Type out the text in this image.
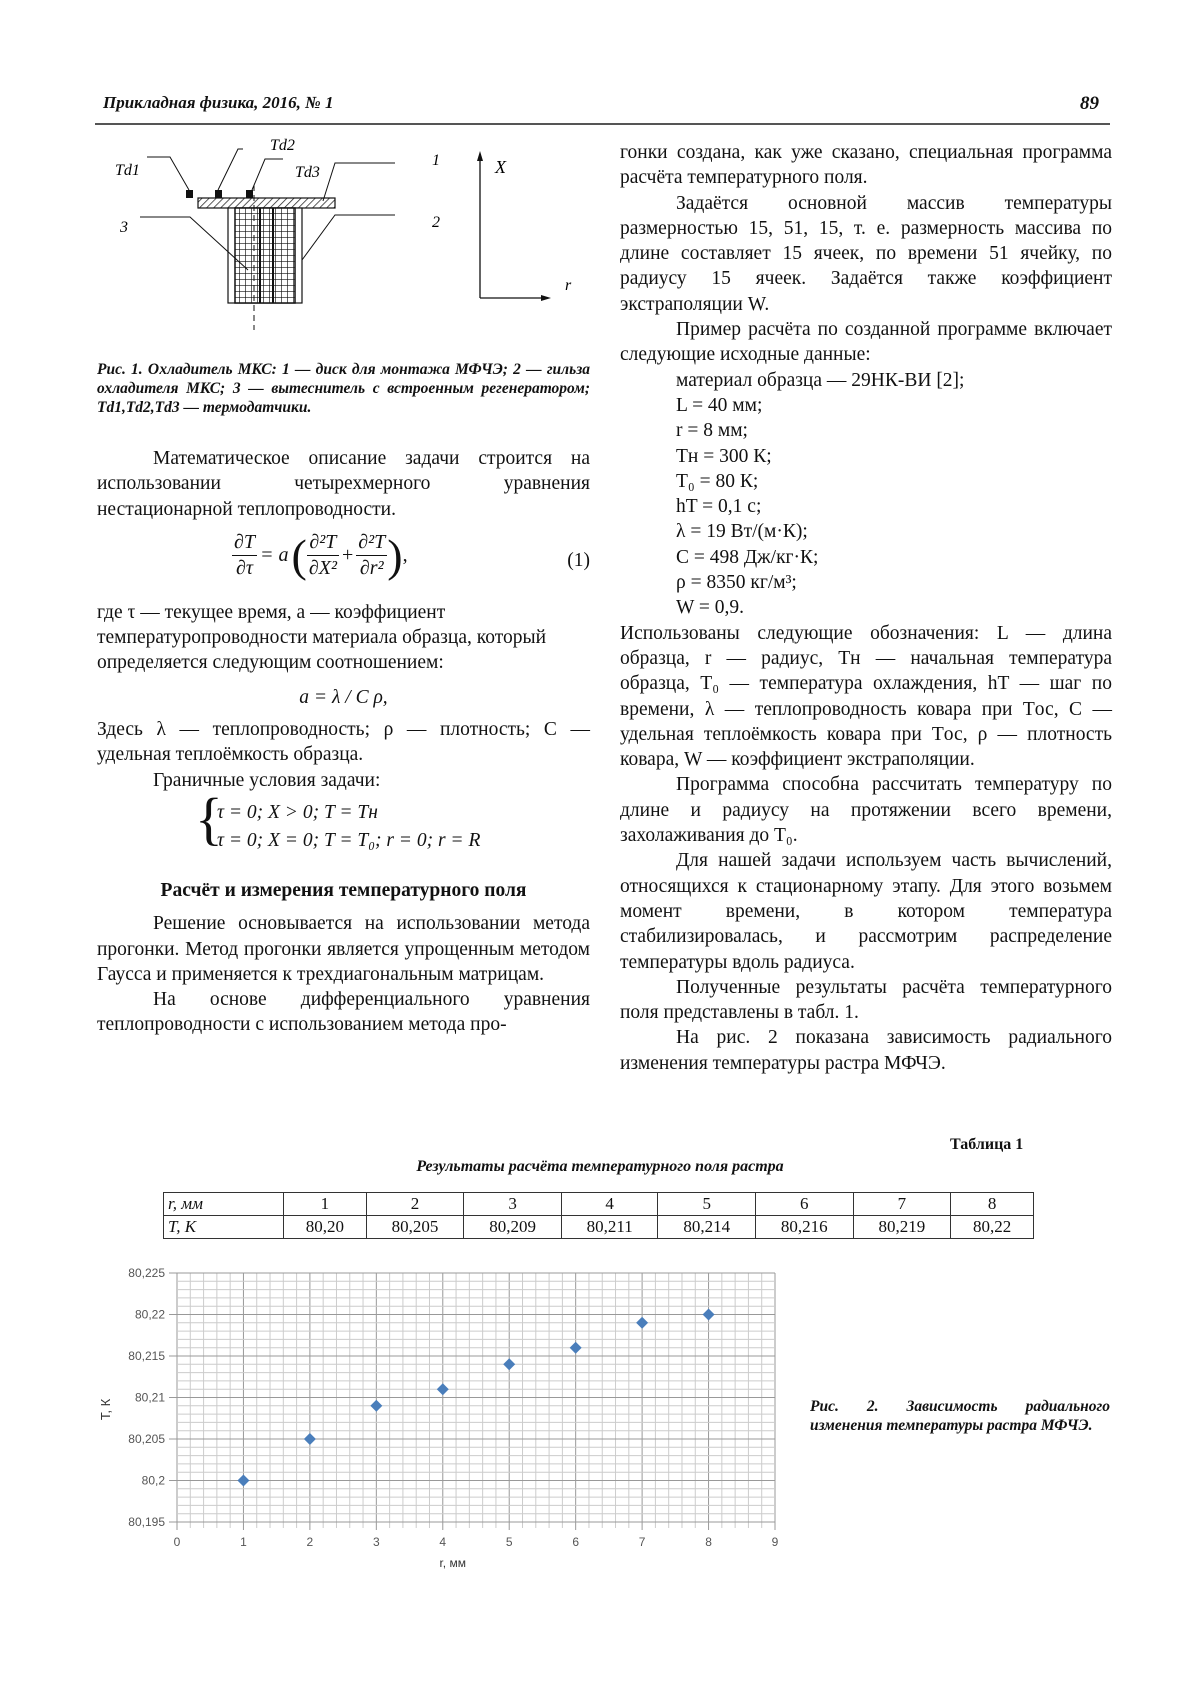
Прикладная физика, 2016, № 1	89
Td1
Td2
Td3
1
2
3
X
r
Рис. 1. Охладитель МКС: 1 — диск для монтажа МФЧЭ; 2 — гильза охладителя МКС; 3 — вытеснитель с встроенным регенератором; Td1,Td2,Td3 — термодатчики.

Математическое описание задачи строится на использовании четырехмерного уравнения нестационарной теплопроводности.

$\frac{\partial T}{\partial\tau} = a$ ( $\frac{\text{∂²T}}{\text{∂X²}} + \frac{\text{∂²T}}{\text{∂r²}}$ ) ,	(1)

где τ — текущее время, a — коэффициент температуропроводности материала образца, который определяется следующим соотношением:

a = λ / C ρ,

Здесь λ — теплопроводность; ρ — плотность; C — удельная теплоёмкость образца.

Граничные условия задачи:

{
τ = 0; X > 0; T = Tн
τ = 0; X = 0; T = T₀; r = 0; r = R

Расчёт и измерения температурного поля

Решение основывается на использовании метода прогонки. Метод прогонки является упрощенным методом Гаусса и применяется к трехдиагональным матрицам.

На основе дифференциального уравнения теплопроводности с использованием метода про-

гонки создана, как уже сказано, специальная программа расчёта температурного поля.

Задаётся основной массив температуры размерностью 15, 51, 15, т. е. размерность массива по длине составляет 15 ячеек, по времени 51 ячейку, по радиусу 15 ячеек. Задаётся также коэффициент экстраполяции W.

Пример расчёта по созданной программе включает следующие исходные данные:

материал образца — 29НК-ВИ [2];
L = 40 мм;
r = 8 мм;
Tн = 300 К;
T₀ = 80 К;
hT = 0,1 с;
λ = 19 Вт/(м·К);
C = 498 Дж/кг·К;
ρ = 8350 кг/м³;
W = 0,9.

Использованы следующие обозначения: L — длина образца, r — радиус, Tн — начальная температура образца, T₀ — температура охлаждения, hT — шаг по времени, λ — теплопроводность ковара при Tос, C — удельная теплоёмкость ковара при Tос, ρ — плотность ковара, W — коэффициент экстраполяции.

Программа способна рассчитать температуру по длине и радиусу на протяжении всего времени, захолаживания до T₀.

Для нашей задачи используем часть вычислений, относящихся к стационарному этапу. Для этого возьмем момент времени, в котором температура стабилизировалась, и рассмотрим распределение температуры вдоль радиуса.

Полученные результаты расчёта температурного поля представлены в табл. 1.

На рис. 2 показана зависимость радиального изменения температуры растра МФЧЭ.

Таблица 1
Результаты расчёта температурного поля растра
r, мм	1	2	3	4	5	6	7	8
T, К	80,20	80,205	80,209	80,211	80,214	80,216	80,219	80,22
80,195
80,2
80,205
80,21
80,215
80,22
80,225
0	1	2	3	4	5	6	7	8	9
r, мм
T, К	Рис. 2. Зависимость радиального изменения температуры растра МФЧЭ.
